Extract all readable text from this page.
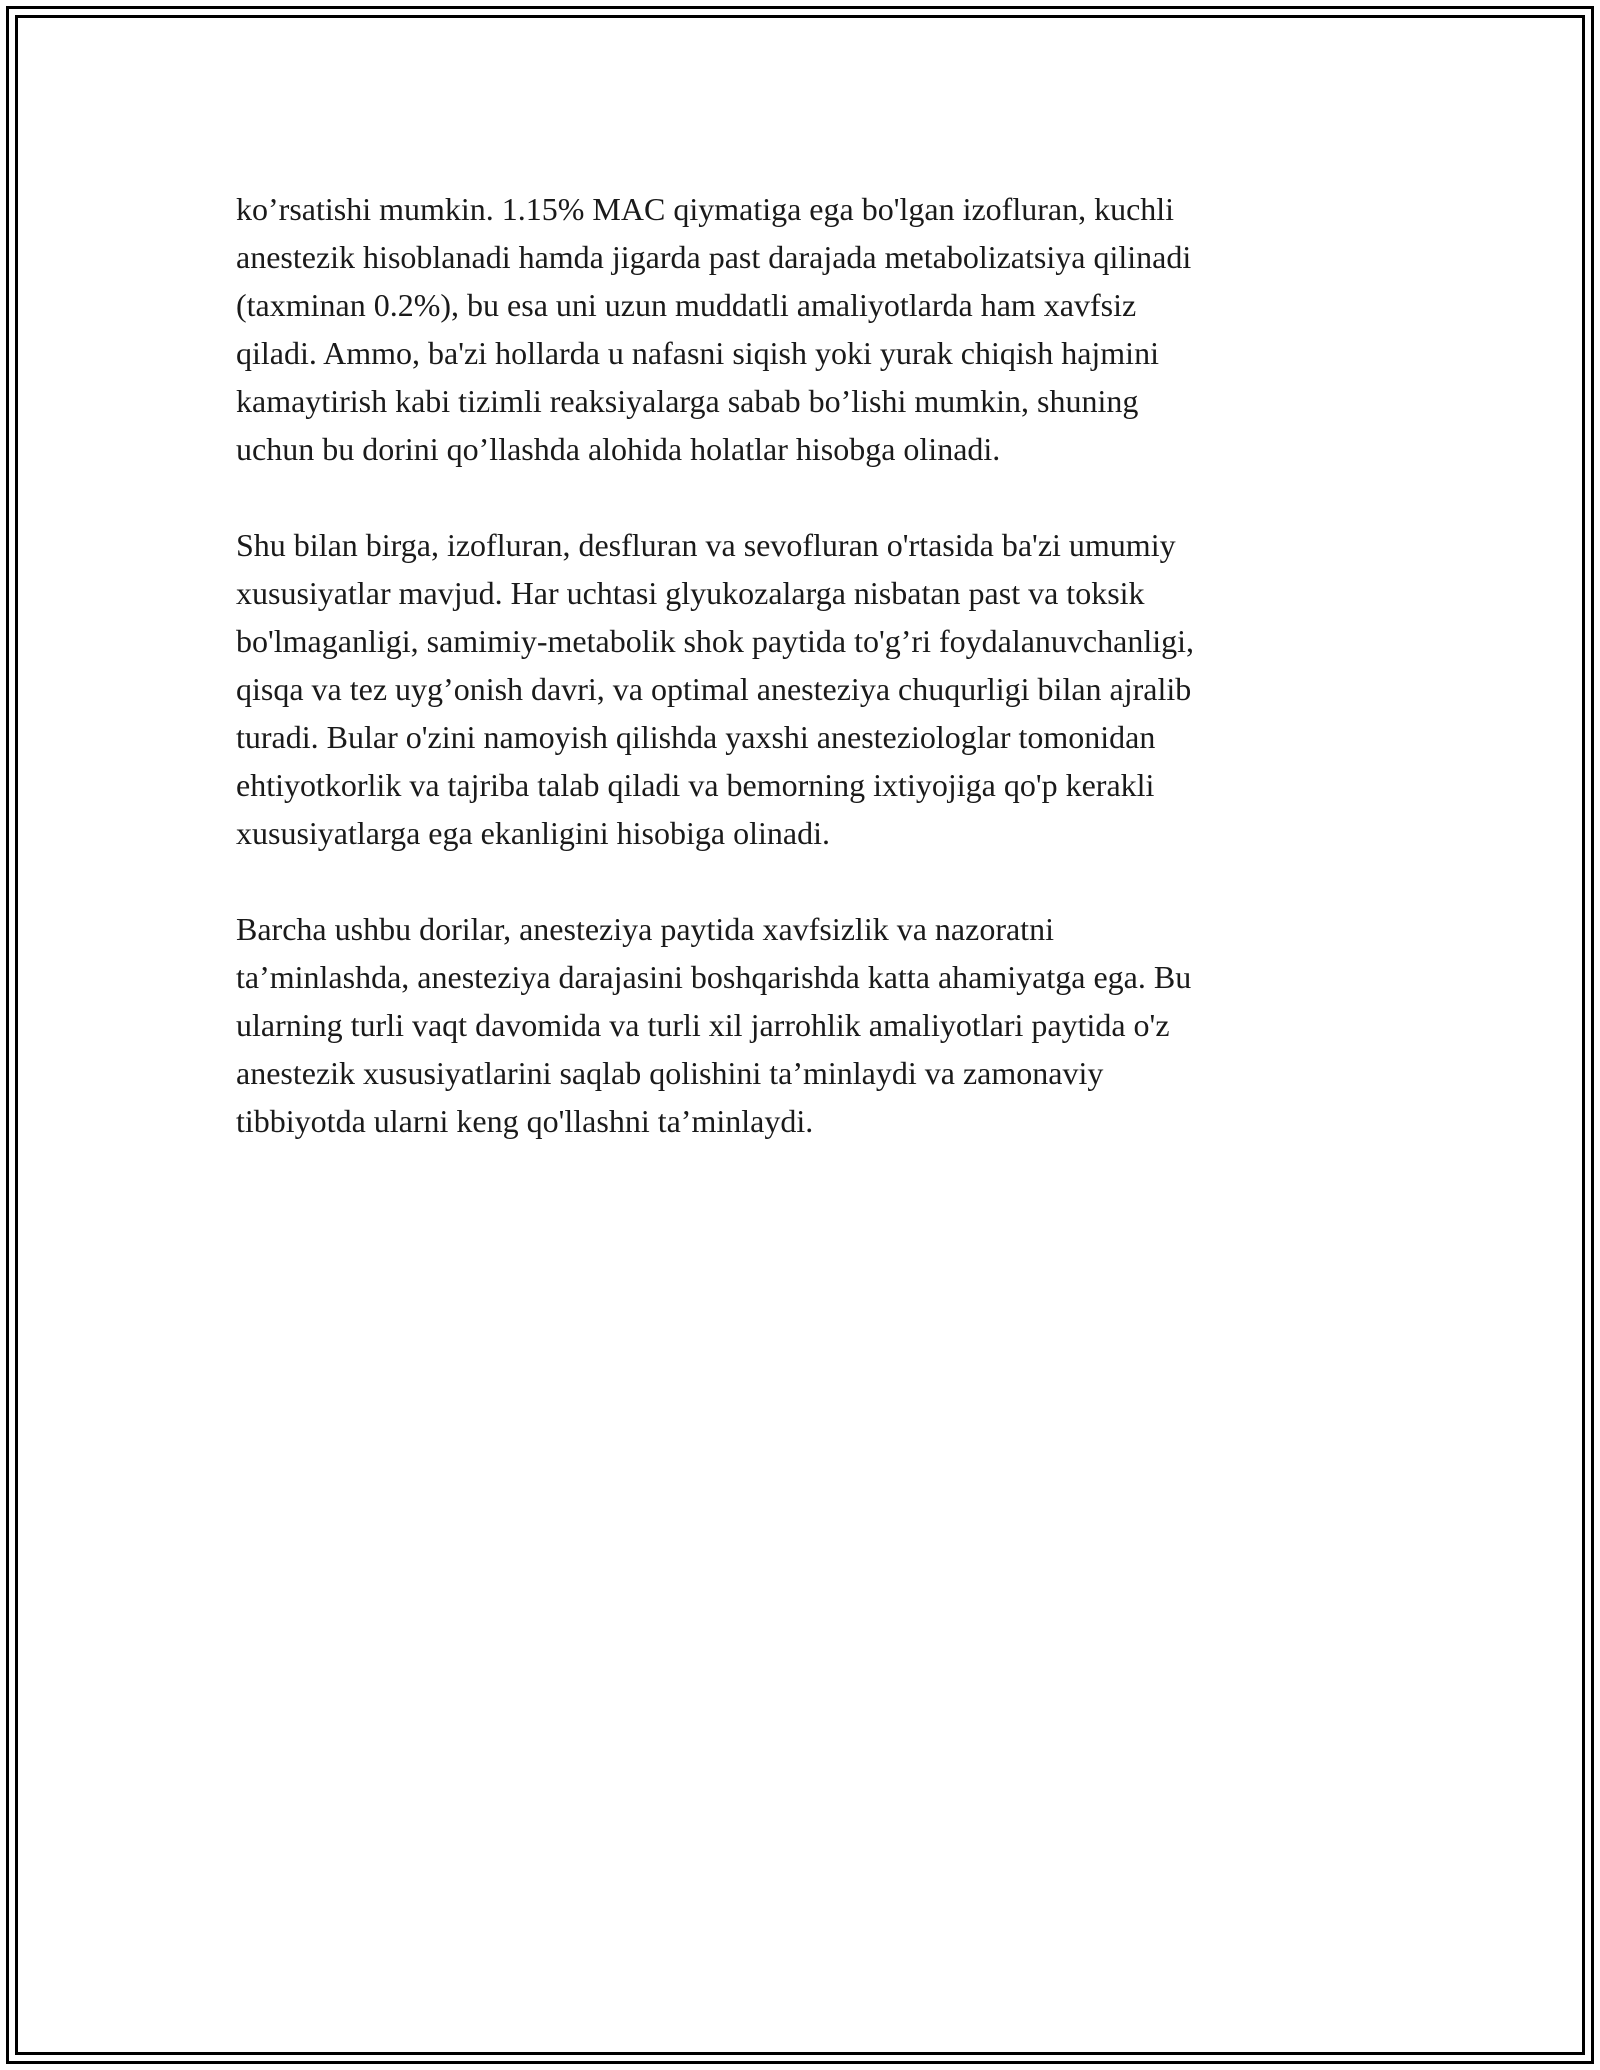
ko’rsatishi mumkin. 1.15% MAC qiymatiga ega bo'lgan izofluran, kuchli
anestezik hisoblanadi hamda jigarda past darajada metabolizatsiya qilinadi
(taxminan 0.2%), bu esa uni uzun muddatli amaliyotlarda ham xavfsiz
qiladi. Ammo, ba'zi hollarda u nafasni siqish yoki yurak chiqish hajmini
kamaytirish kabi tizimli reaksiyalarga sabab bo’lishi mumkin, shuning
uchun bu dorini qo’llashda alohida holatlar hisobga olinadi.

Shu bilan birga, izofluran, desfluran va sevofluran o'rtasida ba'zi umumiy
xususiyatlar mavjud. Har uchtasi glyukozalarga nisbatan past va toksik
bo'lmaganligi, samimiy-metabolik shok paytida to'g’ri foydalanuvchanligi,
qisqa va tez uyg’onish davri, va optimal anesteziya chuqurligi bilan ajralib
turadi. Bular o'zini namoyish qilishda yaxshi anesteziologlar tomonidan
ehtiyotkorlik va tajriba talab qiladi va bemorning ixtiyojiga qo'p kerakli
xususiyatlarga ega ekanligini hisobiga olinadi.

Barcha ushbu dorilar, anesteziya paytida xavfsizlik va nazoratni
ta’minlashda, anesteziya darajasini boshqarishda katta ahamiyatga ega. Bu
ularning turli vaqt davomida va turli xil jarrohlik amaliyotlari paytida o'z
anestezik xususiyatlarini saqlab qolishini ta’minlaydi va zamonaviy
tibbiyotda ularni keng qo'llashni ta’minlaydi.
